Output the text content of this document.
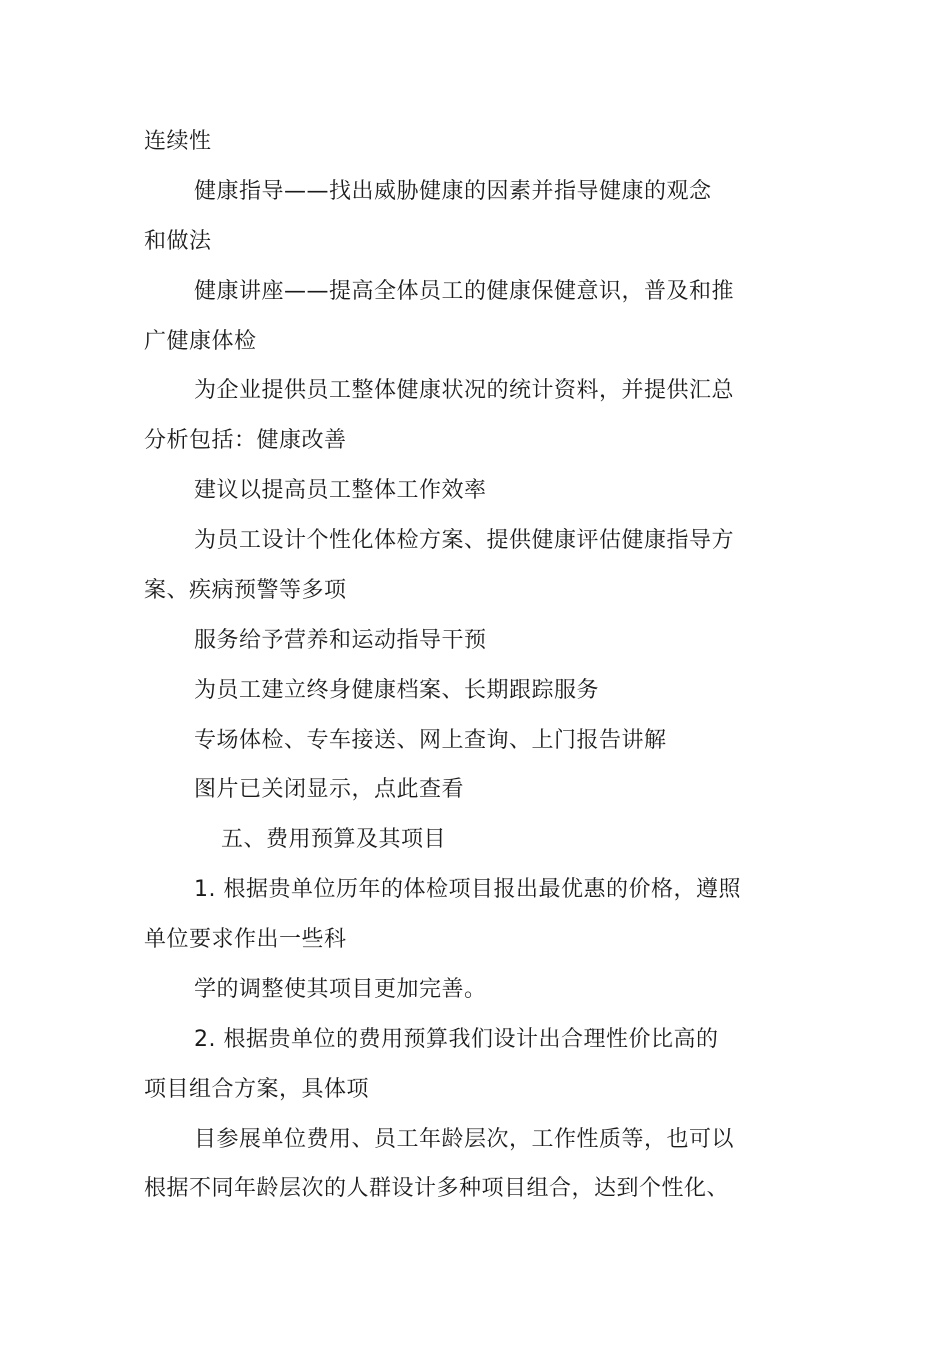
连续性
健康指导——找出威胁健康的因素并指导健康的观念
和做法
健康讲座——提高全体员工的健康保健意识，普及和推
广健康体检
为企业提供员工整体健康状况的统计资料，并提供汇总
分析包括：健康改善
建议以提高员工整体工作效率
为员工设计个性化体检方案、提供健康评估健康指导方
案、疾病预警等多项
服务给予营养和运动指导干预
为员工建立终身健康档案、长期跟踪服务
专场体检、专车接送、网上查询、上门报告讲解
图片已关闭显示，点此查看
五、费用预算及其项目
1. 根据贵单位历年的体检项目报出最优惠的价格，遵照
单位要求作出一些科
学的调整使其项目更加完善。
2. 根据贵单位的费用预算我们设计出合理性价比高的
项目组合方案，具体项
目参展单位费用、员工年龄层次，工作性质等，也可以
根据不同年龄层次的人群设计多种项目组合，达到个性化、
